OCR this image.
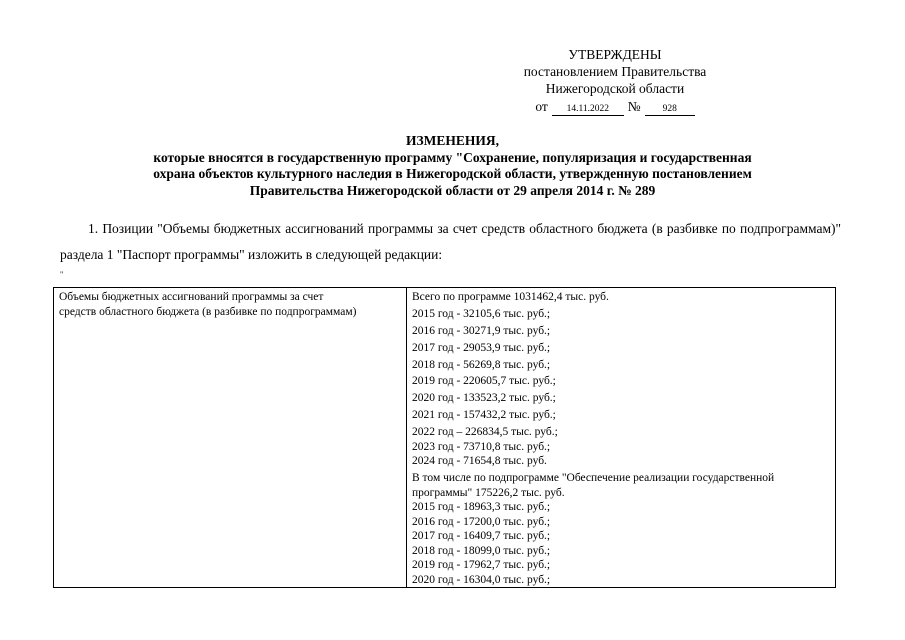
УТВЕРЖДЕНЫ
постановлением Правительства
Нижегородской области
от	14.11.2022	№	928
ИЗМЕНЕНИЯ,
которые вносятся в государственную программу "Сохранение, популяризация и государственная
охрана объектов культурного наследия в Нижегородской области, утвержденную постановлением
Правительства Нижегородской области от 29 апреля 2014 г. № 289
1. Позиции "Объемы бюджетных ассигнований программы за счет средств областного бюджета (в разбивке по подпрограммам)" раздела 1 "Паспорт программы" изложить в следующей редакции:
"
Объемы бюджетных ассигнований программы за счет
средств областного бюджета (в разбивке по подпрограммам)

Всего по программе 1031462,4 тыс. руб.
2015 год - 32105,6 тыс. руб.;
2016 год - 30271,9 тыс. руб.;
2017 год - 29053,9 тыс. руб.;
2018 год - 56269,8 тыс. руб.;
2019 год - 220605,7 тыс. руб.;
2020 год - 133523,2 тыс. руб.;
2021 год - 157432,2 тыс. руб.;
2022 год – 226834,5 тыс. руб.;
2023 год - 73710,8 тыс. руб.;
2024 год - 71654,8 тыс. руб.
В том числе по подпрограмме "Обеспечение реализации государственной
программы" 175226,2 тыс. руб.
2015 год - 18963,3 тыс. руб.;
2016 год - 17200,0 тыс. руб.;
2017 год - 16409,7 тыс. руб.;
2018 год - 18099,0 тыс. руб.;
2019 год - 17962,7 тыс. руб.;
2020 год - 16304,0 тыс. руб.;
